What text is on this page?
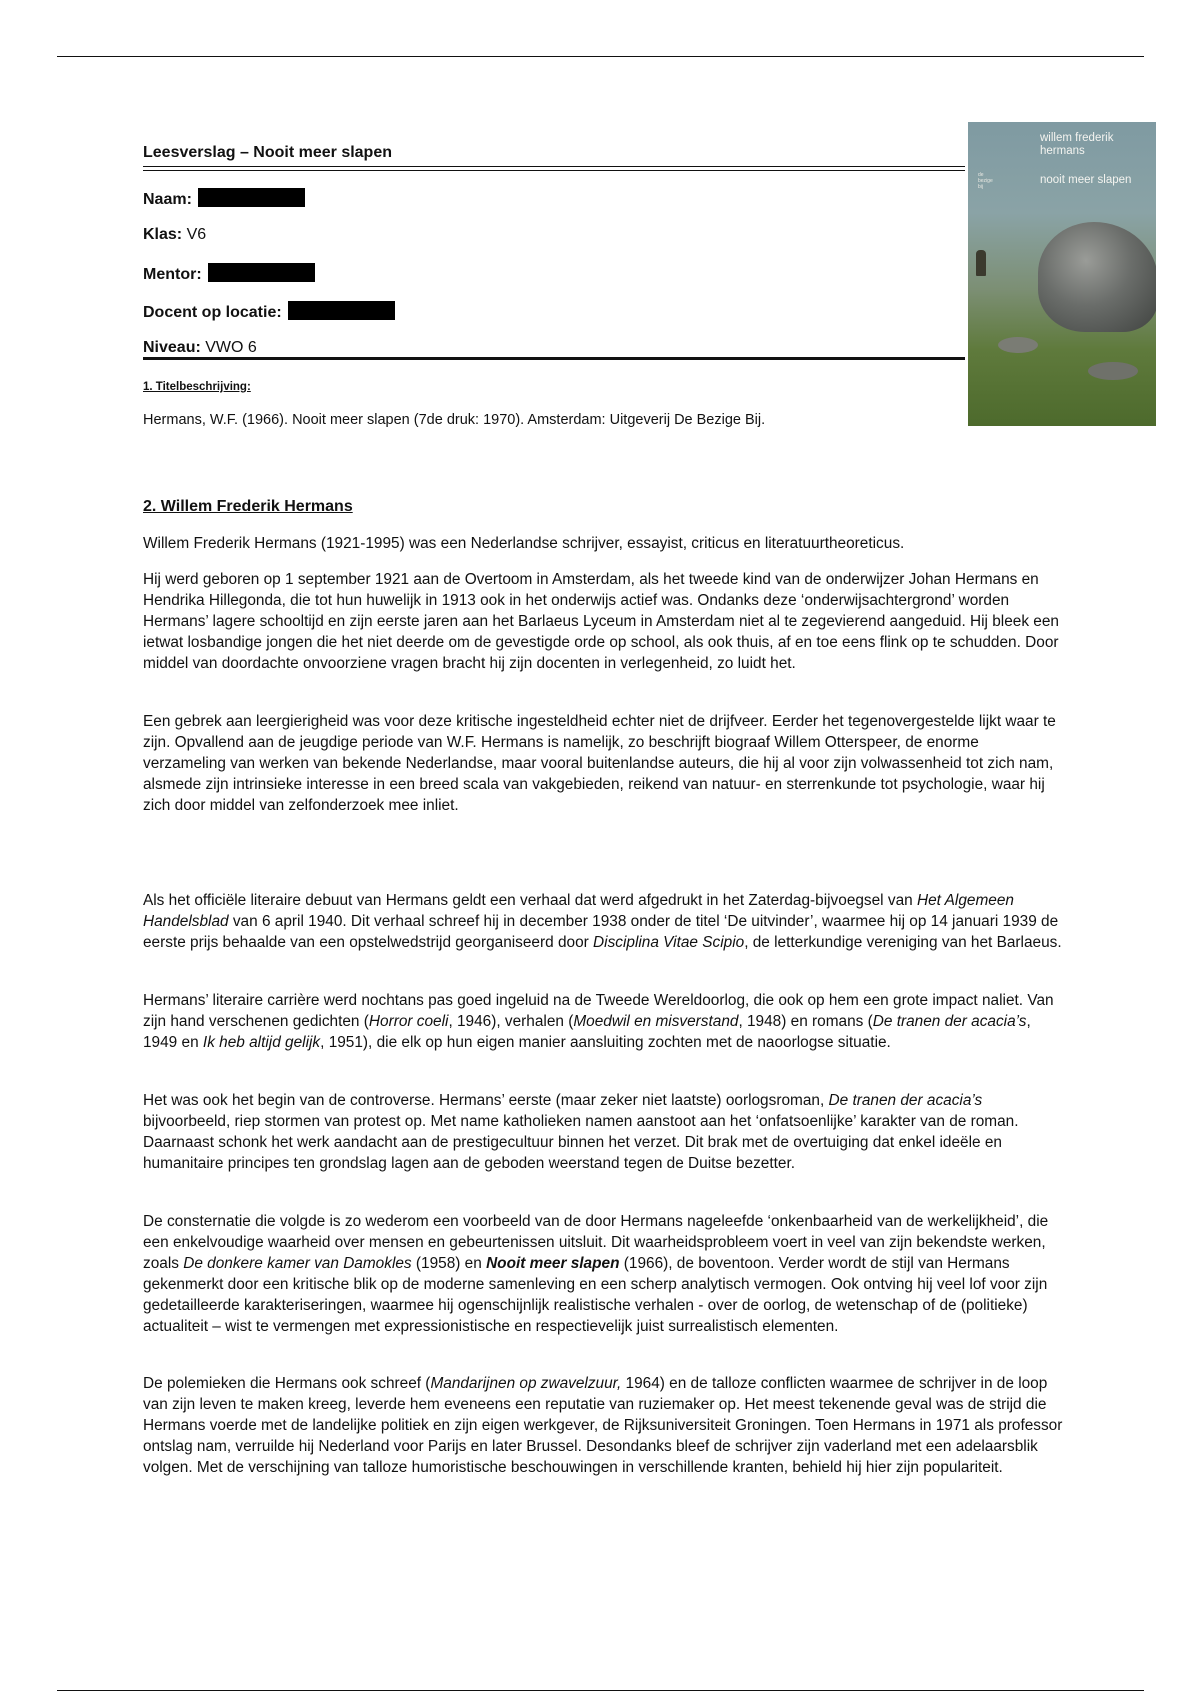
willem frederik hermans
nooit meer slapen
de bezige bij
Leesverslag – Nooit meer slapen
Naam:
Klas: V6
Mentor:
Docent op locatie:
Niveau: VWO 6
1. Titelbeschrijving:
Hermans, W.F. (1966). Nooit meer slapen (7de druk: 1970). Amsterdam: Uitgeverij De Bezige Bij.
2. Willem Frederik Hermans

Willem Frederik Hermans (1921-1995) was een Nederlandse schrijver, essayist, criticus en literatuurtheoreticus.

Hij werd geboren op 1 september 1921 aan de Overtoom in Amsterdam, als het tweede kind van de onderwijzer Johan Hermans en Hendrika Hillegonda, die tot hun huwelijk in 1913 ook in het onderwijs actief was. Ondanks deze ‘onderwijsachtergrond’ worden Hermans’ lagere schooltijd en zijn eerste jaren aan het Barlaeus Lyceum in Amsterdam niet al te zegevierend aangeduid. Hij bleek een ietwat losbandige jongen die het niet deerde om de gevestigde orde op school, als ook thuis, af en toe eens flink op te schudden. Door middel van doordachte onvoorziene vragen bracht hij zijn docenten in verlegenheid, zo luidt het.

Een gebrek aan leergierigheid was voor deze kritische ingesteldheid echter niet de drijfveer. Eerder het tegenovergestelde lijkt waar te zijn. Opvallend aan de jeugdige periode van W.F. Hermans is namelijk, zo beschrijft biograaf Willem Otterspeer, de enorme verzameling van werken van bekende Nederlandse, maar vooral buitenlandse auteurs, die hij al voor zijn volwassenheid tot zich nam, alsmede zijn intrinsieke interesse in een breed scala van vakgebieden, reikend van natuur- en sterrenkunde tot psychologie, waar hij zich door middel van zelfonderzoek mee inliet.

Als het officiële literaire debuut van Hermans geldt een verhaal dat werd afgedrukt in het Zaterdag-bijvoegsel van Het Algemeen Handelsblad van 6 april 1940. Dit verhaal schreef hij in december 1938 onder de titel ‘De uitvinder’, waarmee hij op 14 januari 1939 de eerste prijs behaalde van een opstelwedstrijd georganiseerd door Disciplina Vitae Scipio, de letterkundige vereniging van het Barlaeus.

Hermans’ literaire carrière werd nochtans pas goed ingeluid na de Tweede Wereldoorlog, die ook op hem een grote impact naliet. Van zijn hand verschenen gedichten (Horror coeli, 1946), verhalen (Moedwil en misverstand, 1948) en romans (De tranen der acacia’s, 1949 en Ik heb altijd gelijk, 1951), die elk op hun eigen manier aansluiting zochten met de naoorlogse situatie.

Het was ook het begin van de controverse. Hermans’ eerste (maar zeker niet laatste) oorlogsroman, De tranen der acacia’s bijvoorbeeld, riep stormen van protest op. Met name katholieken namen aanstoot aan het ‘onfatsoenlijke’ karakter van de roman. Daarnaast schonk het werk aandacht aan de prestigecultuur binnen het verzet. Dit brak met de overtuiging dat enkel ideële en humanitaire principes ten grondslag lagen aan de geboden weerstand tegen de Duitse bezetter.

De consternatie die volgde is zo wederom een voorbeeld van de door Hermans nageleefde ‘onkenbaarheid van de werkelijkheid’, die een enkelvoudige waarheid over mensen en gebeurtenissen uitsluit. Dit waarheidsprobleem voert in veel van zijn bekendste werken, zoals De donkere kamer van Damokles (1958) en Nooit meer slapen (1966), de boventoon. Verder wordt de stijl van Hermans gekenmerkt door een kritische blik op de moderne samenleving en een scherp analytisch vermogen. Ook ontving hij veel lof voor zijn gedetailleerde karakteriseringen, waarmee hij ogenschijnlijk realistische verhalen - over de oorlog, de wetenschap of de (politieke) actualiteit – wist te vermengen met expressionistische en respectievelijk juist surrealistisch elementen.

De polemieken die Hermans ook schreef (Mandarijnen op zwavelzuur, 1964) en de talloze conflicten waarmee de schrijver in de loop van zijn leven te maken kreeg, leverde hem eveneens een reputatie van ruziemaker op. Het meest tekenende geval was de strijd die Hermans voerde met de landelijke politiek en zijn eigen werkgever, de Rijksuniversiteit Groningen. Toen Hermans in 1971 als professor ontslag nam, verruilde hij Nederland voor Parijs en later Brussel. Desondanks bleef de schrijver zijn vaderland met een adelaarsblik volgen. Met de verschijning van talloze humoristische beschouwingen in verschillende kranten, behield hij hier zijn populariteit.
